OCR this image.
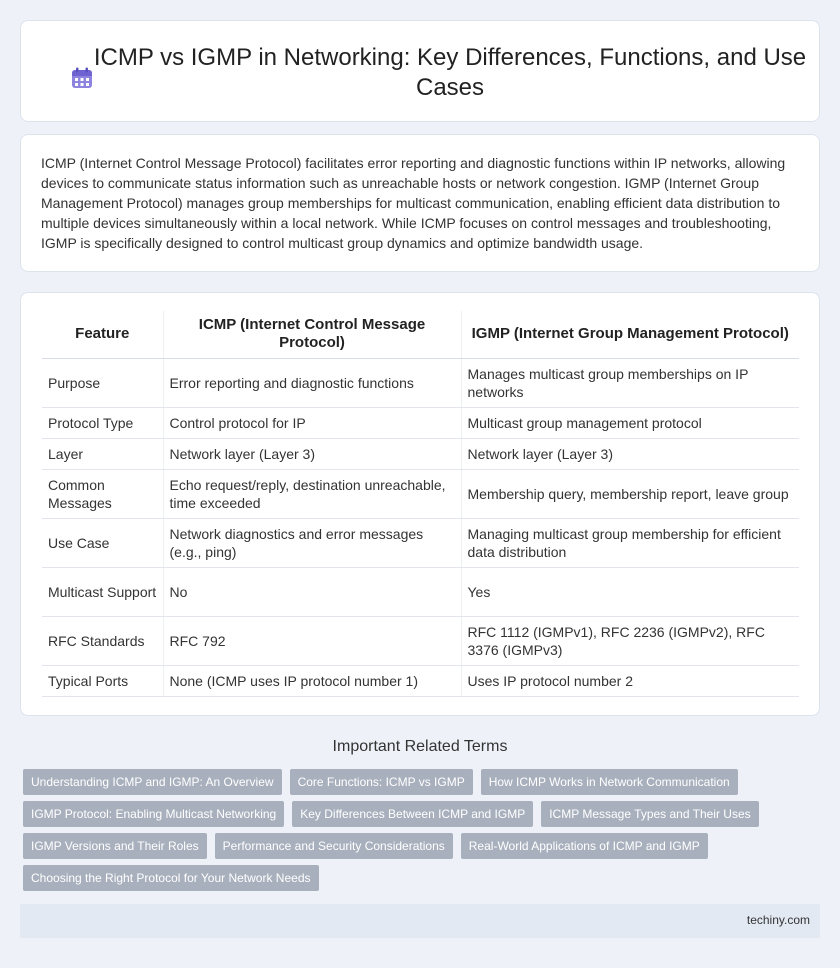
ICMP vs IGMP in Networking: Key Differences, Functions, and Use Cases

ICMP (Internet Control Message Protocol) facilitates error reporting and diagnostic functions within IP networks, allowing devices to communicate status information such as unreachable hosts or network congestion. IGMP (Internet Group Management Protocol) manages group memberships for multicast communication, enabling efficient data distribution to multiple devices simultaneously within a local network. While ICMP focuses on control messages and troubleshooting, IGMP is specifically designed to control multicast group dynamics and optimize bandwidth usage.

Feature	ICMP (Internet Control Message Protocol)	IGMP (Internet Group Management Protocol)
Purpose	Error reporting and diagnostic functions	Manages multicast group memberships on IP networks
Protocol Type	Control protocol for IP	Multicast group management protocol
Layer	Network layer (Layer 3)	Network layer (Layer 3)
Common Messages	Echo request/reply, destination unreachable, time exceeded	Membership query, membership report, leave group
Use Case	Network diagnostics and error messages (e.g., ping)	Managing multicast group membership for efficient data distribution
Multicast Support	No	Yes
RFC Standards	RFC 792	RFC 1112 (IGMPv1), RFC 2236 (IGMPv2), RFC 3376 (IGMPv3)
Typical Ports	None (ICMP uses IP protocol number 1)	Uses IP protocol number 2
Important Related Terms
Understanding ICMP and IGMP: An Overview	Core Functions: ICMP vs IGMP	How ICMP Works in Network Communication
IGMP Protocol: Enabling Multicast Networking	Key Differences Between ICMP and IGMP	ICMP Message Types and Their Uses
IGMP Versions and Their Roles	Performance and Security Considerations	Real-World Applications of ICMP and IGMP
Choosing the Right Protocol for Your Network Needs
techiny.com
